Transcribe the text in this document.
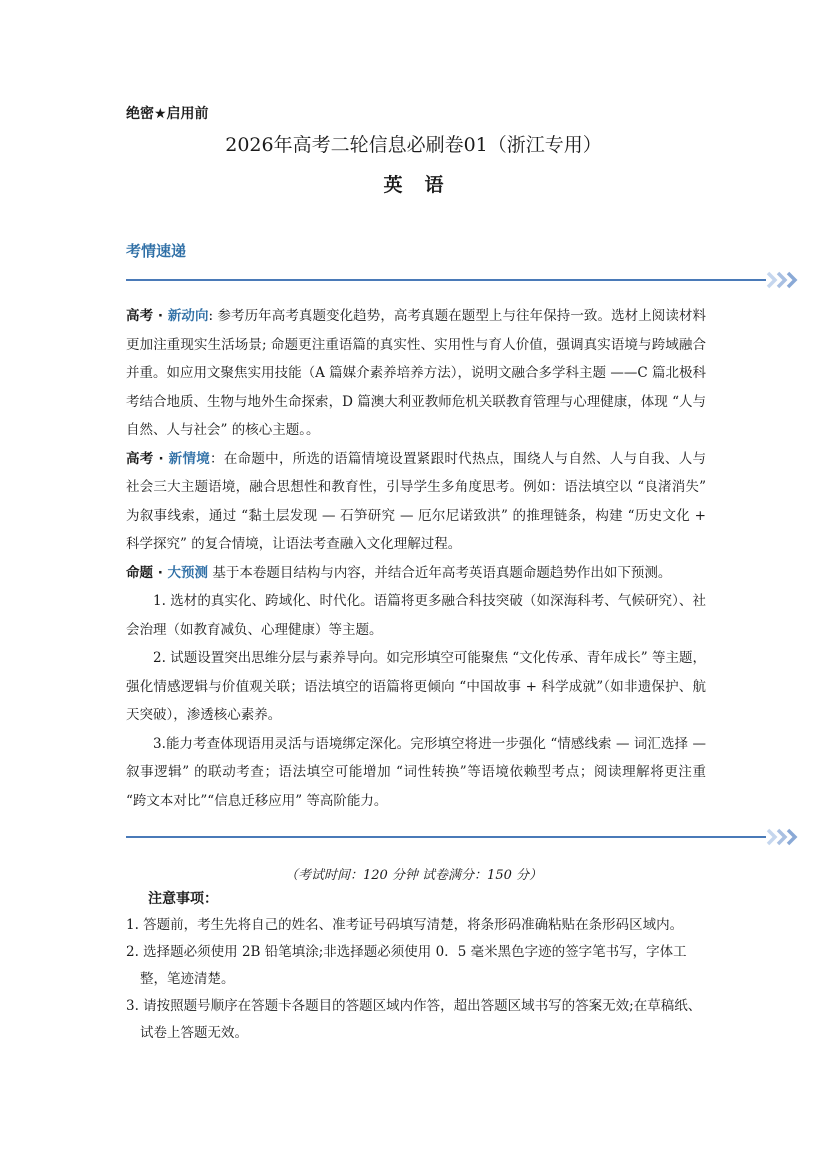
绝密★启用前
2026年高考二轮信息必刷卷01（浙江专用）
英语
考情速递

高考 · 新动向: 参考历年高考真题变化趋势，高考真题在题型上与往年保持一致。选材上阅读材料更加注重现实生活场景; 命题更注重语篇的真实性、实用性与育人价值，强调真实语境与跨域融合并重。如应用文聚焦实用技能（A 篇媒介素养培养方法），说明文融合多学科主题 ——C 篇北极科考结合地质、生物与地外生命探索，D 篇澳大利亚教师危机关联教育管理与心理健康，体现 “人与自然、人与社会” 的核心主题。。

高考 · 新情境：在命题中，所选的语篇情境设置紧跟时代热点，围绕人与自然、人与自我、人与社会三大主题语境，融合思想性和教育性，引导学生多角度思考。例如：语法填空以 “良渚消失” 为叙事线索，通过 “黏土层发现 — 石笋研究 — 厄尔尼诺致洪” 的推理链条，构建 “历史文化 + 科学探究” 的复合情境，让语法考查融入文化理解过程。

命题 · 大预测 基于本卷题目结构与内容，并结合近年高考英语真题命题趋势作出如下预测。

1. 选材的真实化、跨域化、时代化。语篇将更多融合科技突破（如深海科考、气候研究）、社会治理（如教育减负、心理健康）等主题。

2. 试题设置突出思维分层与素养导向。如完形填空可能聚焦 “文化传承、青年成长” 等主题，强化情感逻辑与价值观关联；语法填空的语篇将更倾向 “中国故事 + 科学成就”（如非遗保护、航天突破），渗透核心素养。

3.能力考查体现语用灵活与语境绑定深化。完形填空将进一步强化 “情感线索 — 词汇选择 — 叙事逻辑” 的联动考查；语法填空可能增加 “词性转换”等语境依赖型考点；阅读理解将更注重 “跨文本对比”“信息迁移应用” 等高阶能力。

（考试时间：120 分钟 试卷满分：150 分）
注意事项：
1. 答题前，考生先将自己的姓名、准考证号码填写清楚，将条形码准确粘贴在条形码区域内。
2. 选择题必须使用 2B 铅笔填涂;非选择题必须使用 0．5 毫米黑色字迹的签字笔书写，字体工整，笔迹清楚。
3. 请按照题号顺序在答题卡各题目的答题区域内作答，超出答题区域书写的答案无效;在草稿纸、试卷上答题无效。
